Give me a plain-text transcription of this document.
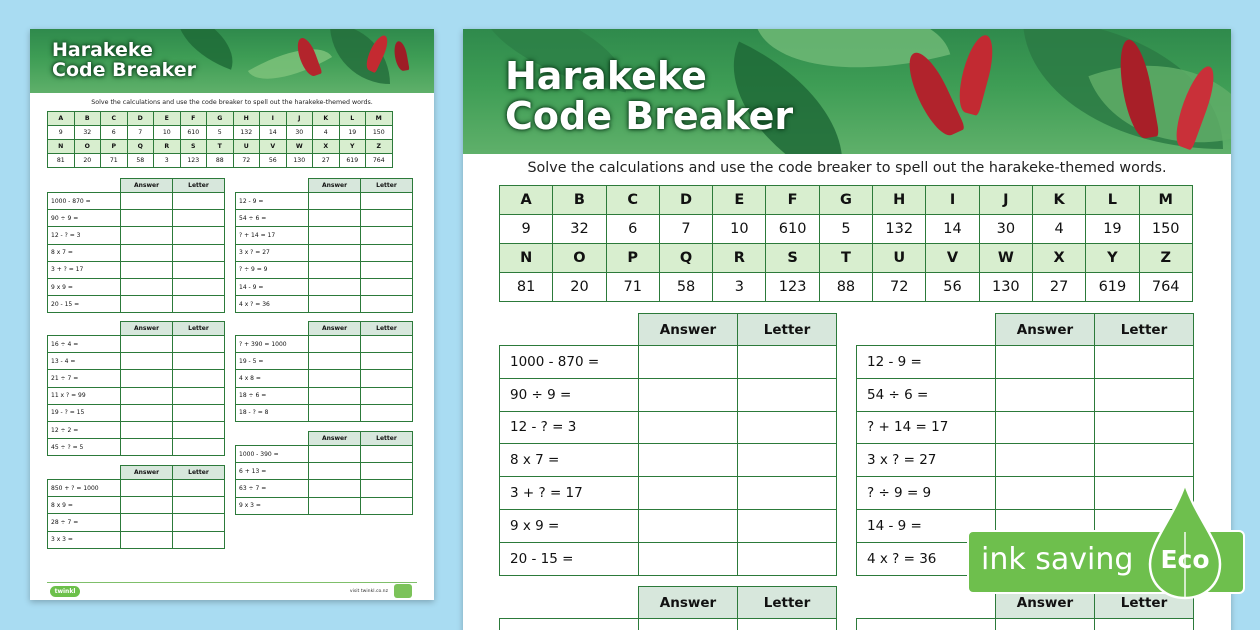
Harakeke
Code Breaker
Solve the calculations and use the code breaker to spell out the harakeke-themed words.
A	B	C	D	E	F	G	H	I	J	K	L	M
9	32	6	7	10	610	5	132	14	30	4	19	150
N	O	P	Q	R	S	T	U	V	W	X	Y	Z
81	20	71	58	3	123	88	72	56	130	27	619	764
	Answer	Letter
1000 - 870 =		
90 ÷ 9 =		
12 - ? = 3		
8 x 7 =		
3 + ? = 17		
9 x 9 =		
20 - 15 =		
	Answer	Letter
12 - 9 =		
54 ÷ 6 =		
? + 14 = 17		
3 x ? = 27		
? ÷ 9 = 9		
14 - 9 =		
4 x ? = 36		
	Answer	Letter
16 ÷ 4 =		
13 - 4 =		
21 ÷ 7 =		
11 x ? = 99		
19 - ? = 15		
12 ÷ 2 =		
45 ÷ ? = 5		
	Answer	Letter
? + 390 = 1000		
19 - 5 =		
4 x 8 =		
18 ÷ 6 =		
18 - ? = 8		
	Answer	Letter
1000 - 390 =		
6 + 13 =		
63 ÷ 7 =		
9 x 3 =		
	Answer	Letter
850 + ? = 1000		
8 x 9 =		
28 ÷ 7 =		
3 x 3 =		
twinkl	visit twinkl.co.nz
Harakeke
Code Breaker
Solve the calculations and use the code breaker to spell out the harakeke-themed words.
A	B	C	D	E	F	G	H	I	J	K	L	M
9	32	6	7	10	610	5	132	14	30	4	19	150
N	O	P	Q	R	S	T	U	V	W	X	Y	Z
81	20	71	58	3	123	88	72	56	130	27	619	764
	Answer	Letter
1000 - 870 =		
90 ÷ 9 =		
12 - ? = 3		
8 x 7 =		
3 + ? = 17		
9 x 9 =		
20 - 15 =		
	Answer	Letter
12 - 9 =		
54 ÷ 6 =		
? + 14 = 17		
3 x ? = 27		
? ÷ 9 = 9		
14 - 9 =		
4 x ? = 36		
	Answer	Letter

		Answer	Letter

ink saving	Eco
